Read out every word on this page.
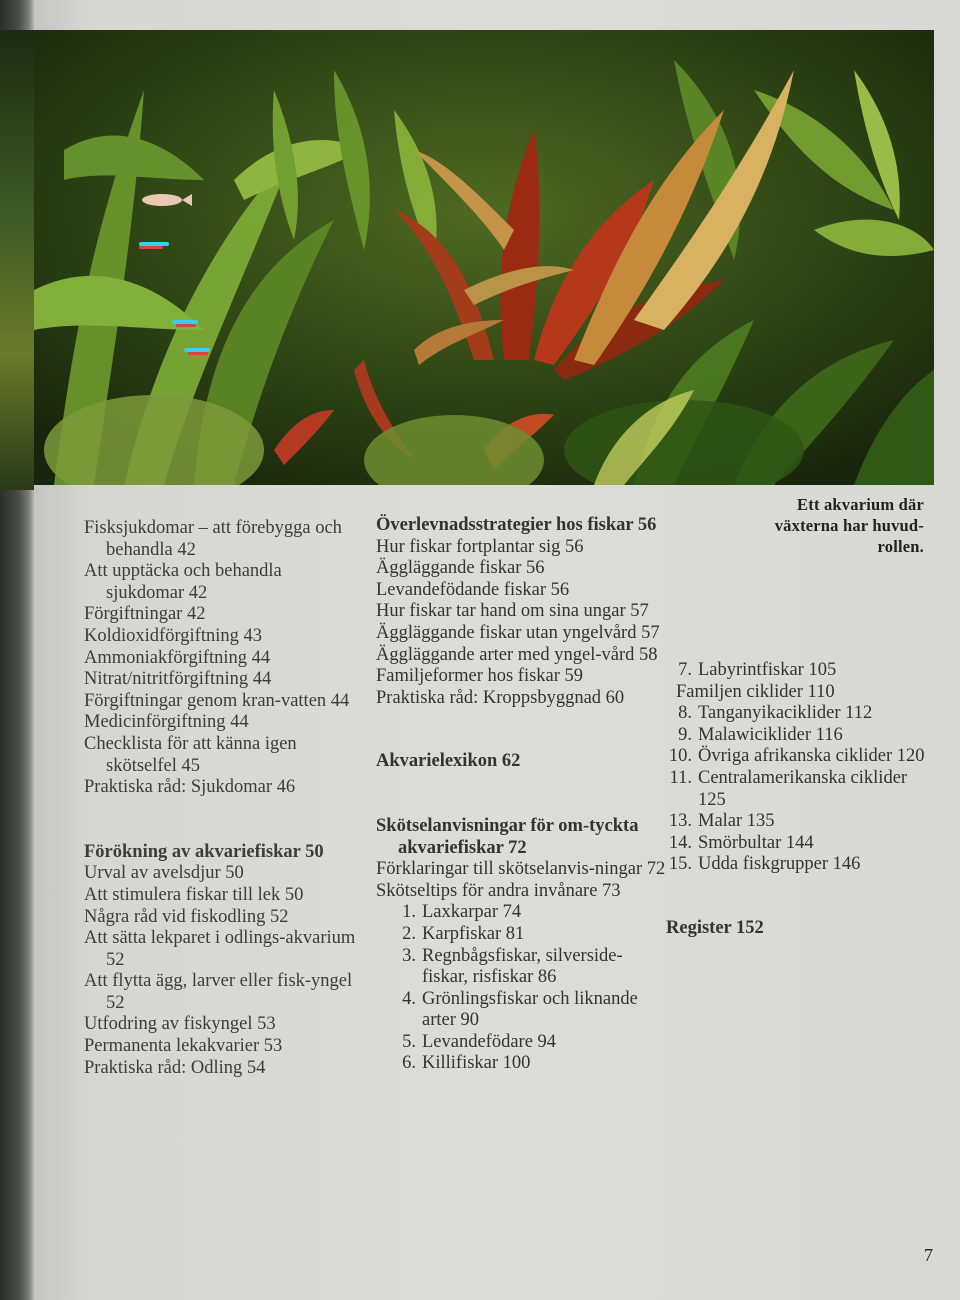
Ett akvarium där
växterna har huvud-
rollen.
Fisksjukdomar – att förebygga och behandla 42
Att upptäcka och behandla sjukdomar 42
Förgiftningar 42
Koldioxidförgiftning 43
Ammoniakförgiftning 44
Nitrat/nitritförgiftning 44
Förgiftningar genom kran-vatten 44
Medicinförgiftning 44
Checklista för att känna igen skötselfel 45
Praktiska råd: Sjukdomar 46
Förökning av akvariefiskar 50
Urval av avelsdjur 50
Att stimulera fiskar till lek 50
Några råd vid fiskodling 52
Att sätta lekparet i odlings-akvarium 52
Att flytta ägg, larver eller fisk-yngel 52
Utfodring av fiskyngel 53
Permanenta lekakvarier 53
Praktiska råd: Odling 54
Överlevnadsstrategier hos fiskar 56
Hur fiskar fortplantar sig 56
Äggläggande fiskar 56
Levandefödande fiskar 56
Hur fiskar tar hand om sina ungar 57
Äggläggande fiskar utan yngelvård 57
Äggläggande arter med yngel-vård 58
Familjeformer hos fiskar 59
Praktiska råd: Kroppsbyggnad 60
Akvarielexikon 62
Skötselanvisningar för om-tyckta akvariefiskar 72
Förklaringar till skötselanvis-ningar 72
Skötseltips för andra invånare 73
1. Laxkarpar 74
2. Karpfiskar 81
3. Regnbågsfiskar, silverside-fiskar, risfiskar 86
4. Grönlingsfiskar och liknande arter 90
5. Levandefödare 94
6. Killifiskar 100
7. Labyrintfiskar 105
Familjen ciklider 110
8. Tanganyikaciklider 112
9. Malawiciklider 116
10. Övriga afrikanska ciklider 120
11. Centralamerikanska ciklider 125
13. Malar 135
14. Smörbultar 144
15. Udda fiskgrupper 146
Register 152
7
